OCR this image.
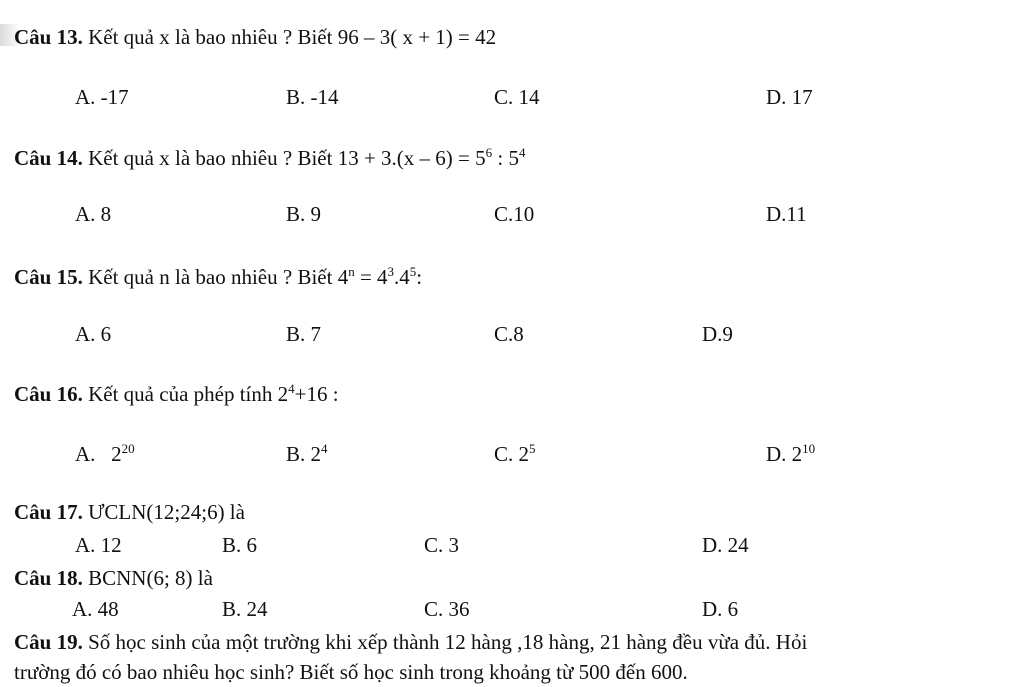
Câu 13. Kết quả x là bao nhiêu ? Biết 96 – 3( x + 1) = 42
A. -17	B. -14	C. 14	D. 17
Câu 14. Kết quả x là bao nhiêu ? Biết $13 + 3.(x - 6) = 5^6$ : $5^4$
A. 8	B. 9	C.10	D.11
Câu 15. Kết quả n là bao nhiêu ? Biết $4^n = 4^3.4^5$:
A. 6	B. 7	C.8	D.9
Câu 16. Kết quả của phép tính $2^4+16$ :
A.   $2^{20}$	B. $2^4$	C. $2^5$	D. $2^{10}$
Câu 17. ƯCLN(12;24;6) là
A. 12	B. 6	C. 3	D. 24
Câu 18. BCNN(6; 8) là
A. 48	B. 24	C. 36	D. 6
Câu 19. Số học sinh của một trường khi xếp thành 12 hàng ,18 hàng, 21 hàng đều vừa đủ. Hỏi
trường đó có bao nhiêu học sinh? Biết số học sinh trong khoảng từ 500 đến 600.
